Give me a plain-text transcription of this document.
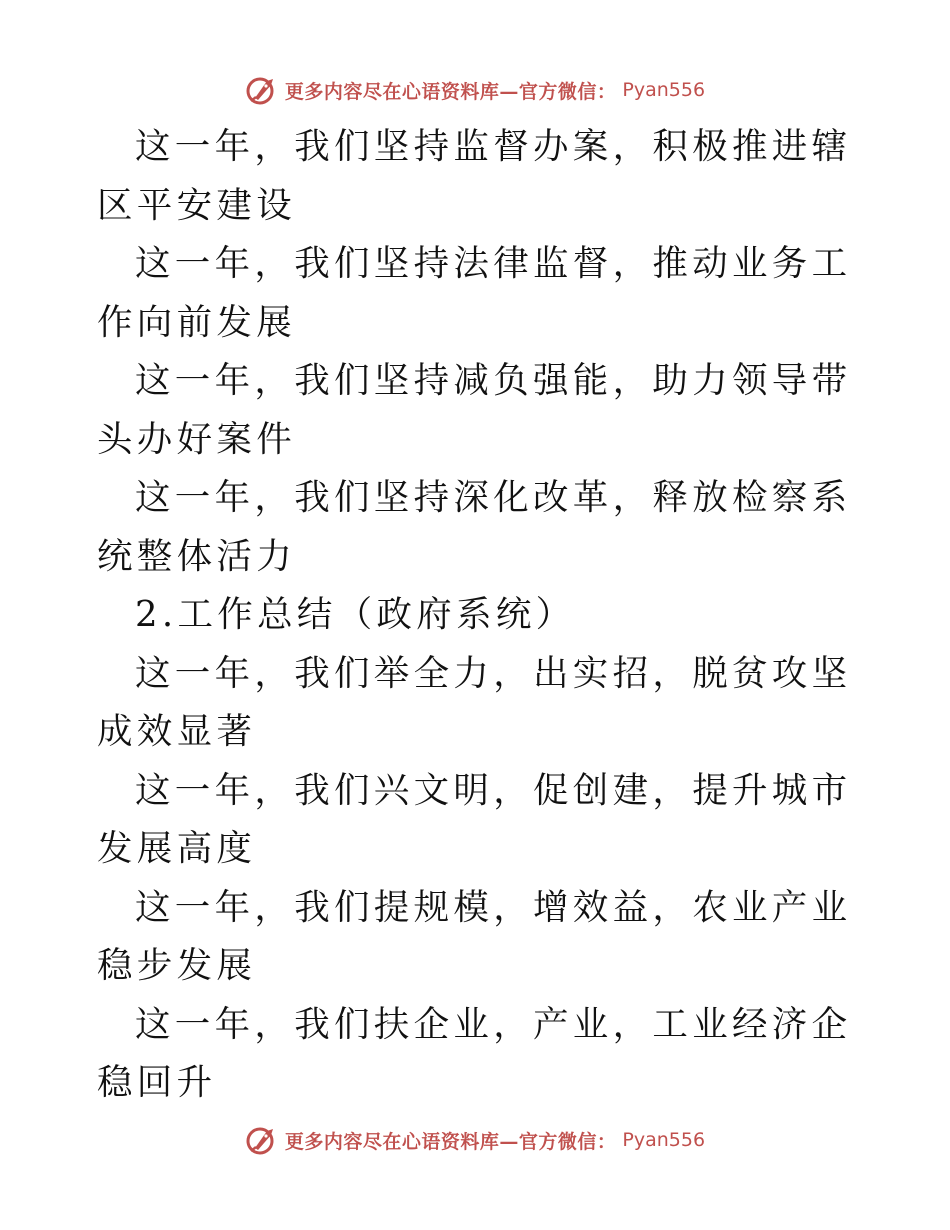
更多内容尽在心语资料库—官方微信： Pyan556

这一年，我们坚持监督办案，积极推进辖区平安建设

这一年，我们坚持法律监督，推动业务工作向前发展

这一年，我们坚持减负强能，助力领导带头办好案件

这一年，我们坚持深化改革，释放检察系统整体活力

2.工作总结（政府系统）

这一年，我们举全力，出实招，脱贫攻坚成效显著

这一年，我们兴文明，促创建，提升城市发展高度

这一年，我们提规模，增效益，农业产业稳步发展

这一年，我们扶企业，产业，工业经济企稳回升

更多内容尽在心语资料库—官方微信： Pyan556
